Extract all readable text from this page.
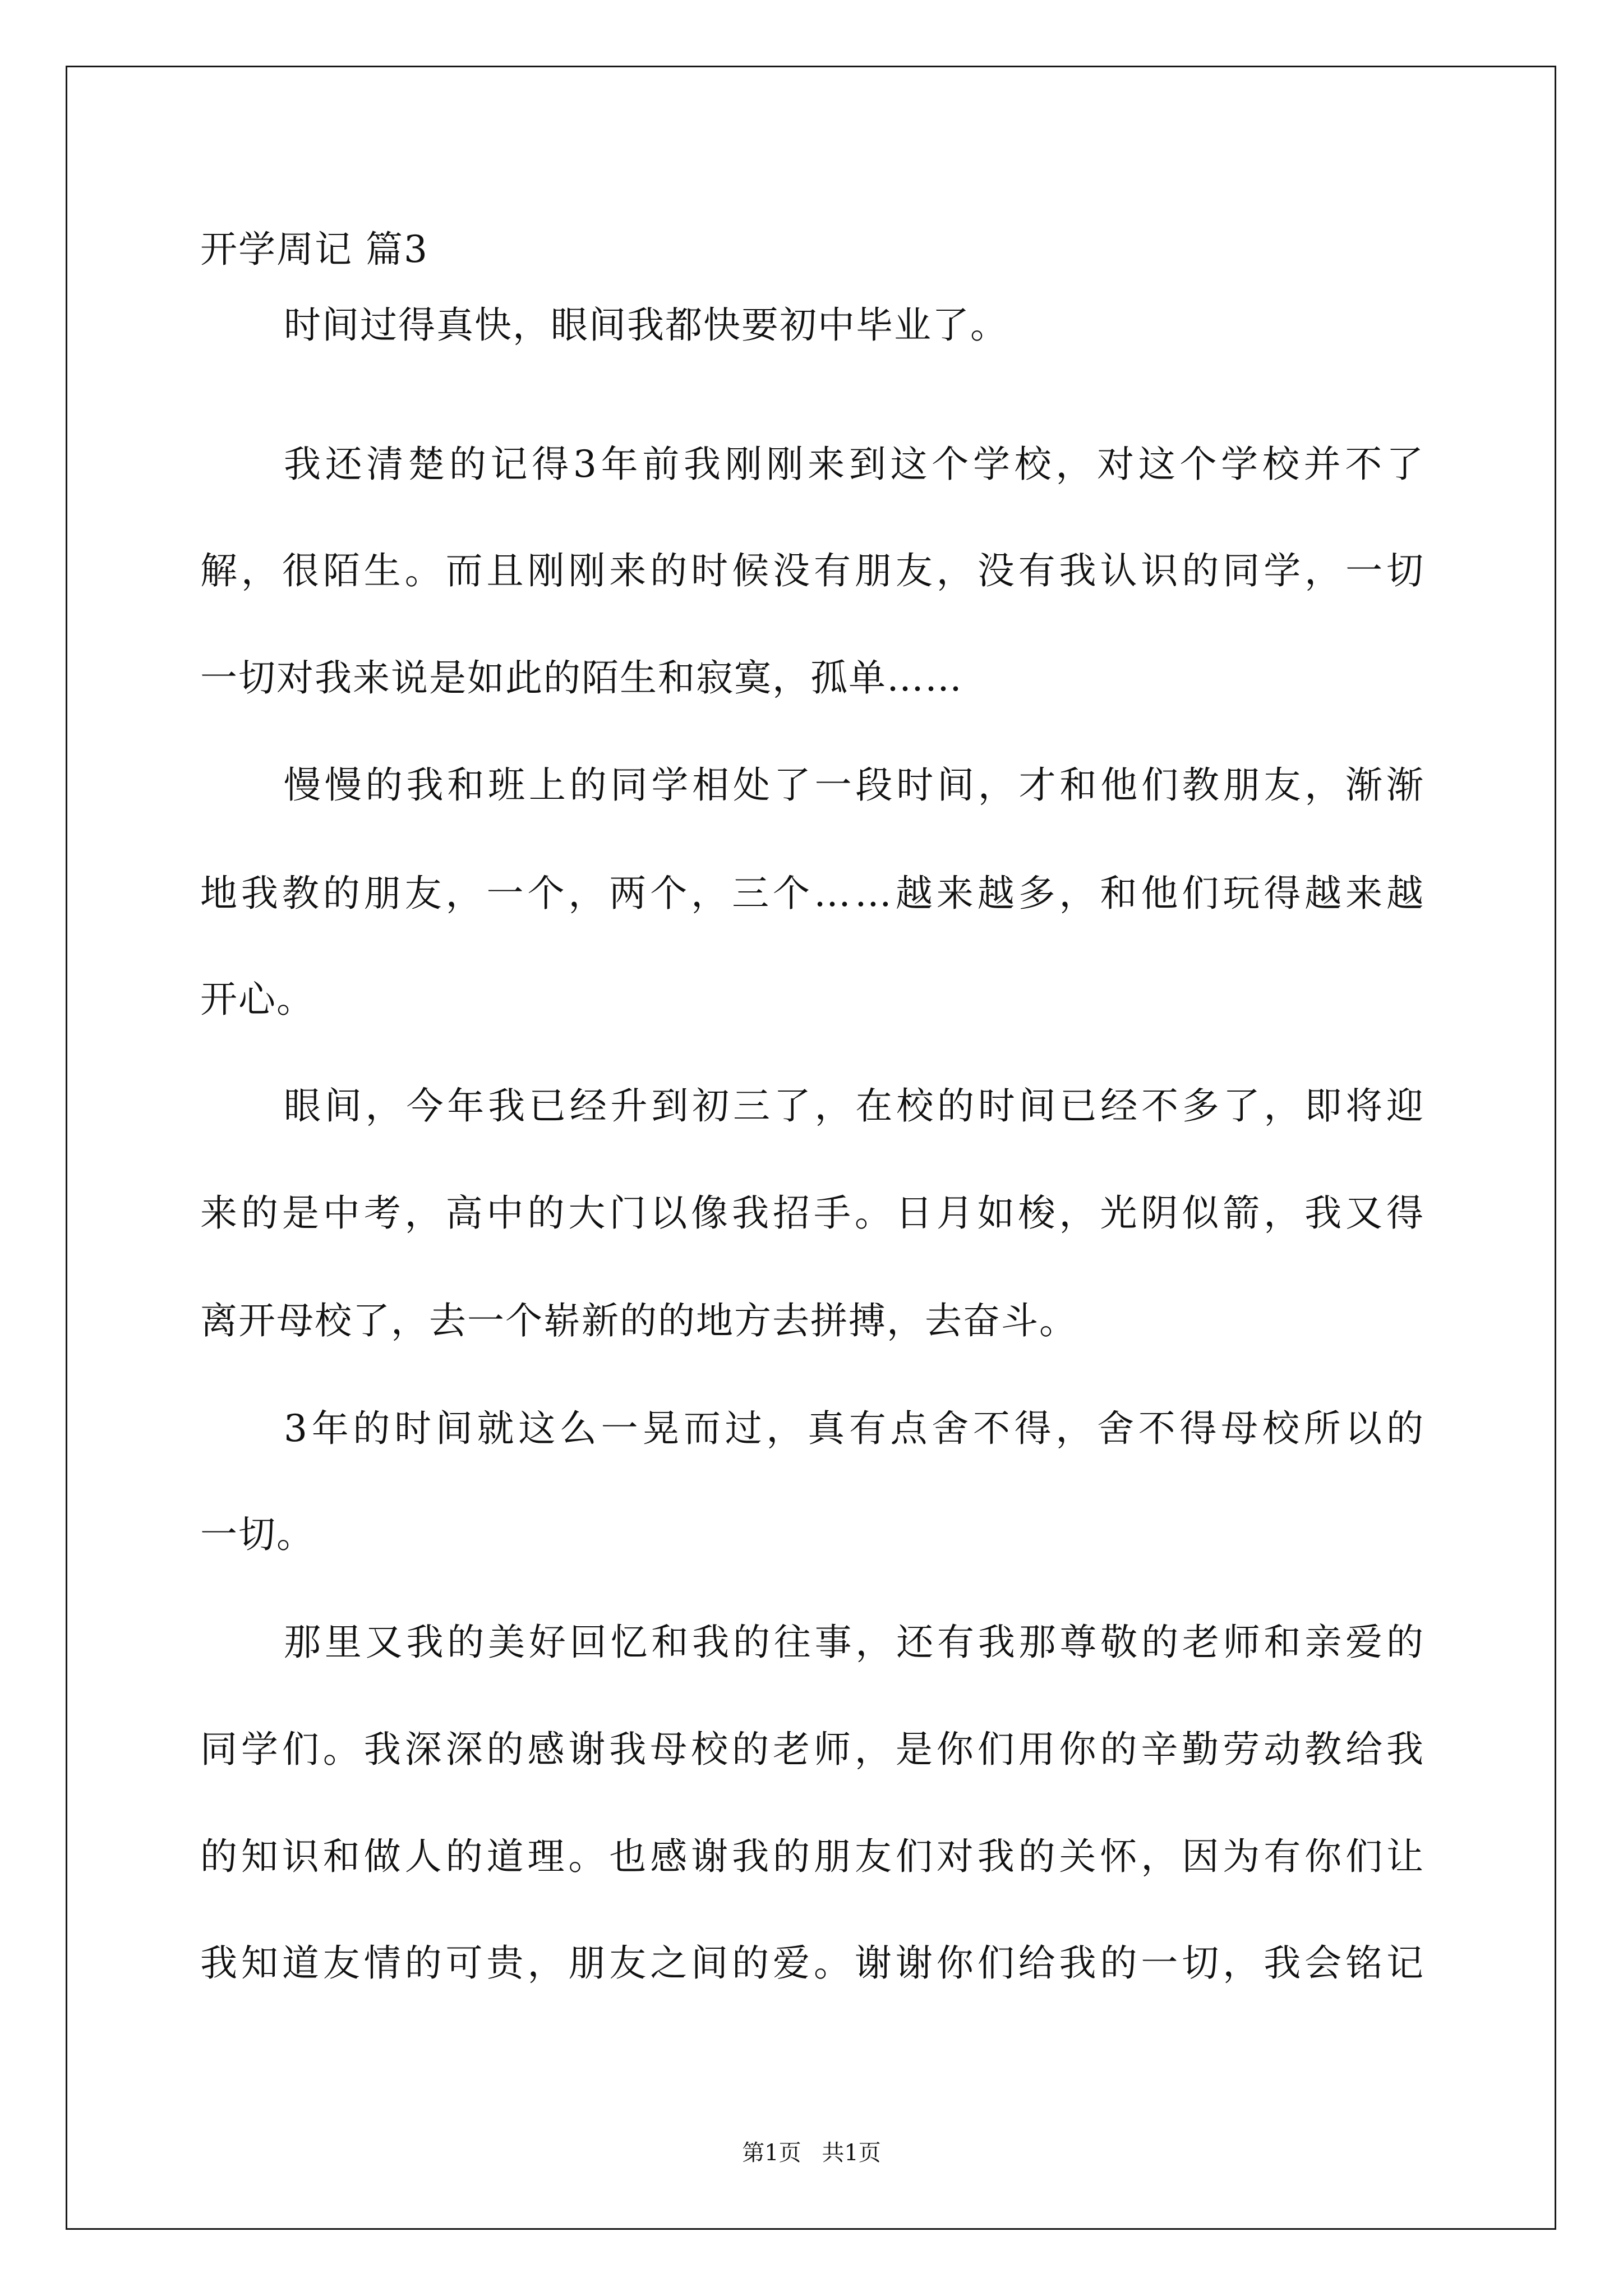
开学周记 篇3
时间过得真快，眼间我都快要初中毕业了。
我还清楚的记得3年前我刚刚来到这个学校，对这个学校并不了
解，很陌生。而且刚刚来的时候没有朋友，没有我认识的同学，一切
一切对我来说是如此的陌生和寂寞，孤单……
慢慢的我和班上的同学相处了一段时间，才和他们教朋友，渐渐
地我教的朋友，一个，两个，三个……越来越多，和他们玩得越来越
开心。
眼间，今年我已经升到初三了，在校的时间已经不多了，即将迎
来的是中考，高中的大门以像我招手。日月如梭，光阴似箭，我又得
离开母校了，去一个崭新的的地方去拼搏，去奋斗。
3年的时间就这么一晃而过，真有点舍不得，舍不得母校所以的
一切。
那里又我的美好回忆和我的往事，还有我那尊敬的老师和亲爱的
同学们。我深深的感谢我母校的老师，是你们用你的辛勤劳动教给我
的知识和做人的道理。也感谢我的朋友们对我的关怀，因为有你们让
我知道友情的可贵，朋友之间的爱。谢谢你们给我的一切，我会铭记
第1页 共1页
